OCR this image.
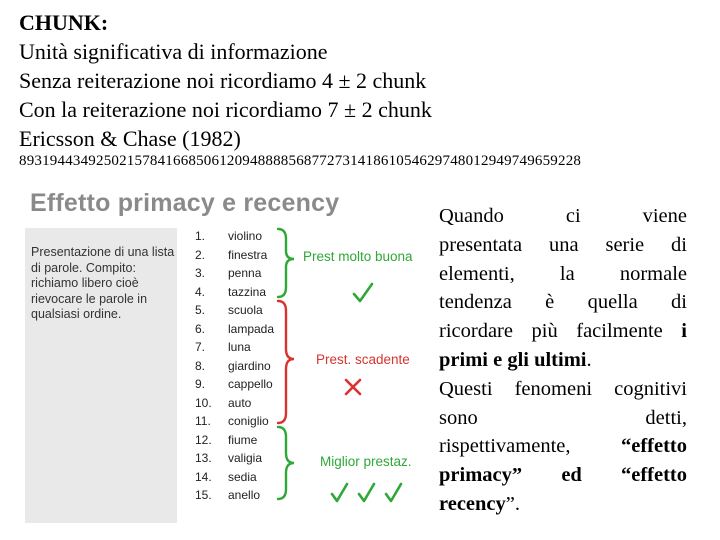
CHUNK:
Unità significativa di informazione
Senza reiterazione noi ricordiamo 4 ± 2 chunk
Con la reiterazione noi ricordiamo 7 ± 2 chunk
Ericsson & Chase (1982)
8931944349250215784166850612094888856877273141861054629748012949749659228
Effetto primacy e recency
Presentazione di una lista di parole. Compito: richiamo libero cioè rievocare le parole in qualsiasi ordine.
1. violino
2. finestra
3. penna
4. tazzina
5. scuola
6. lampada
7. luna
8. giardino
9. cappello
10. auto
11. coniglio
12. fiume
13. valigia
14. sedia
15. anello
Prest molto buona
Prest. scadente
Miglior prestaz.
Quando ci viene
presentata una serie di
elementi, la normale
tendenza è quella di
ricordare più facilmente i
primi e gli ultimi.
Questi fenomeni cognitivi
sono detti,
rispettivamente, “effetto
primacy” ed “effetto
recency”.
